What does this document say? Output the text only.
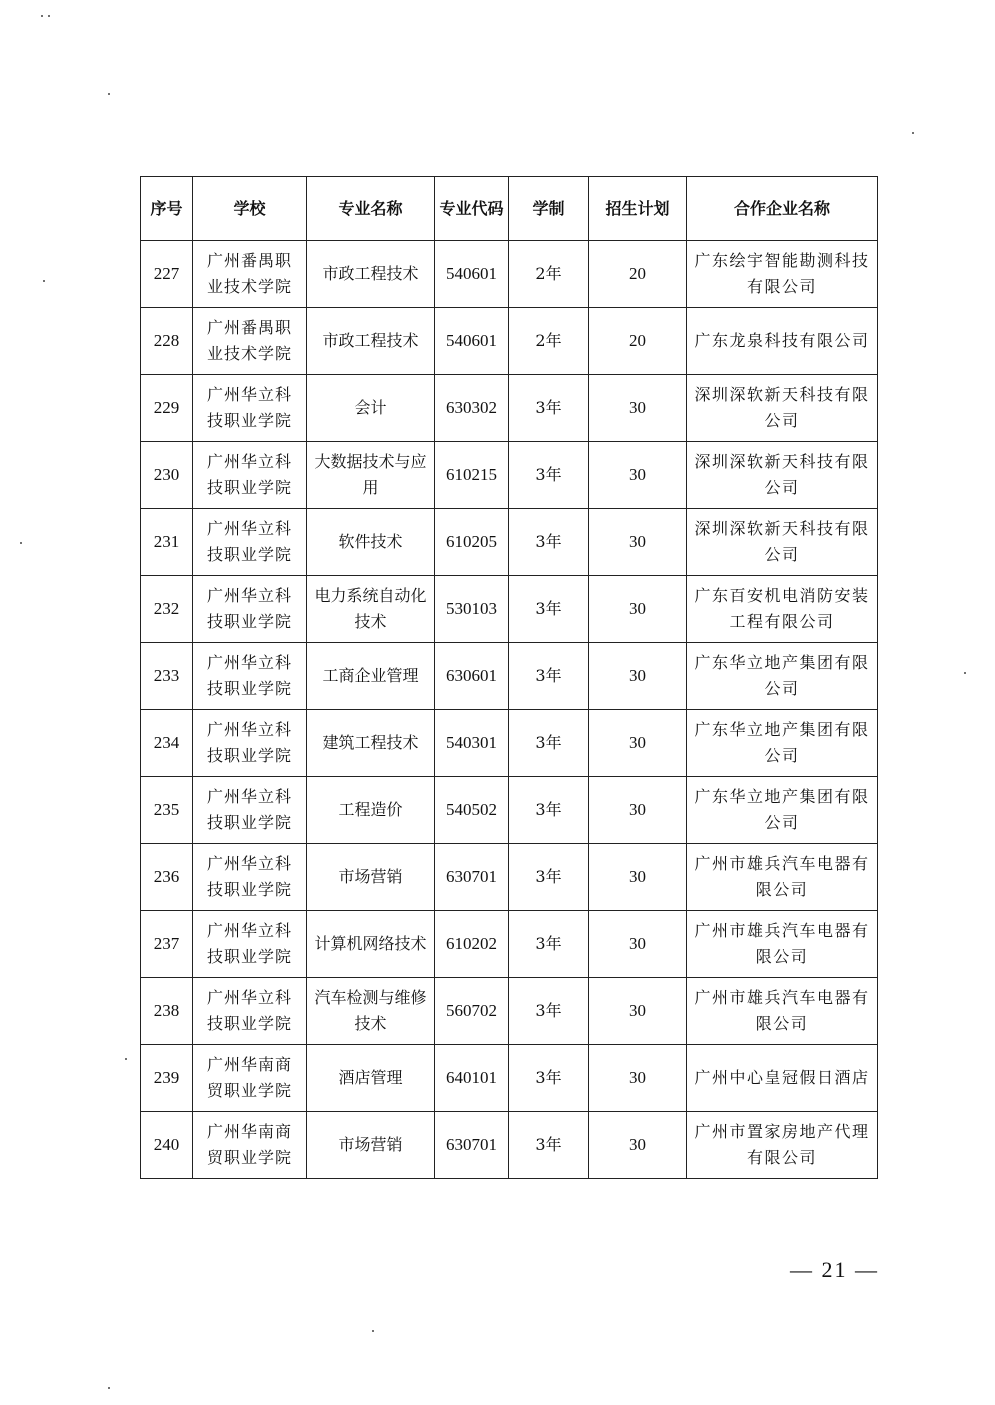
序号	学校	专业名称	专业代码	学制	招生计划	合作企业名称
227	广州番禺职业技术学院	市政工程技术	540601	2年	20	广东绘宇智能勘测科技有限公司
228	广州番禺职业技术学院	市政工程技术	540601	2年	20	广东龙泉科技有限公司
229	广州华立科技职业学院	会计	630302	3年	30	深圳深软新天科技有限公司
230	广州华立科技职业学院	大数据技术与应用	610215	3年	30	深圳深软新天科技有限公司
231	广州华立科技职业学院	软件技术	610205	3年	30	深圳深软新天科技有限公司
232	广州华立科技职业学院	电力系统自动化技术	530103	3年	30	广东百安机电消防安装工程有限公司
233	广州华立科技职业学院	工商企业管理	630601	3年	30	广东华立地产集团有限公司
234	广州华立科技职业学院	建筑工程技术	540301	3年	30	广东华立地产集团有限公司
235	广州华立科技职业学院	工程造价	540502	3年	30	广东华立地产集团有限公司
236	广州华立科技职业学院	市场营销	630701	3年	30	广州市雄兵汽车电器有限公司
237	广州华立科技职业学院	计算机网络技术	610202	3年	30	广州市雄兵汽车电器有限公司
238	广州华立科技职业学院	汽车检测与维修技术	560702	3年	30	广州市雄兵汽车电器有限公司
239	广州华南商贸职业学院	酒店管理	640101	3年	30	广州中心皇冠假日酒店
240	广州华南商贸职业学院	市场营销	630701	3年	30	广州市置家房地产代理有限公司
— 21 —
